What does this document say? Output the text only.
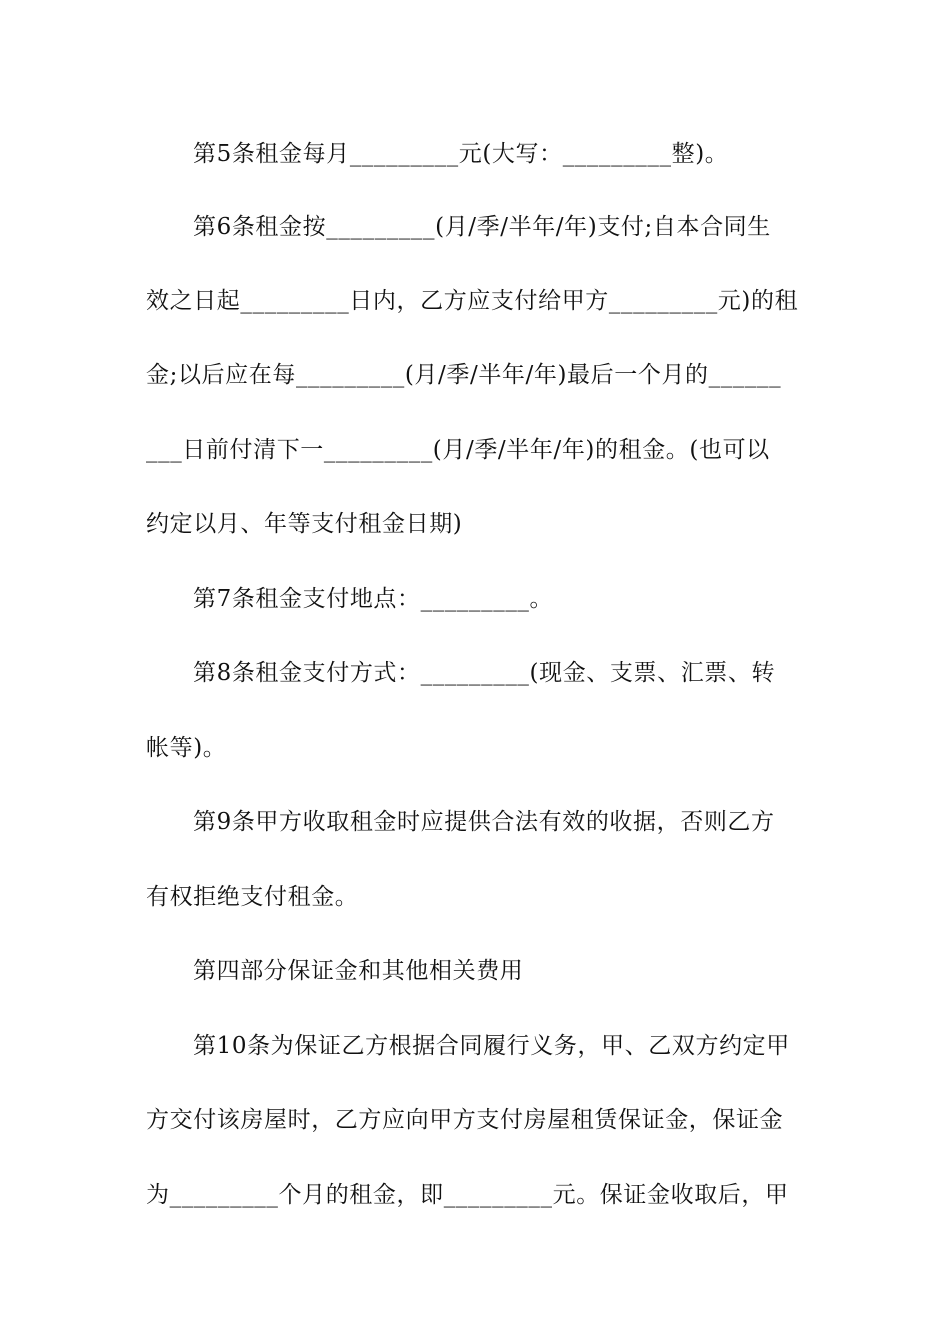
第5条租金每月_________元(大写：_________整)。
第6条租金按_________(月/季/半年/年)支付;自本合同生
效之日起_________日内，乙方应支付给甲方_________元)的租
金;以后应在每_________(月/季/半年/年)最后一个月的______
___日前付清下一_________(月/季/半年/年)的租金。(也可以
约定以月、年等支付租金日期)
第7条租金支付地点：_________。
第8条租金支付方式：_________(现金、支票、汇票、转
帐等)。
第9条甲方收取租金时应提供合法有效的收据，否则乙方
有权拒绝支付租金。
第四部分保证金和其他相关费用
第10条为保证乙方根据合同履行义务，甲、乙双方约定甲
方交付该房屋时，乙方应向甲方支付房屋租赁保证金，保证金
为_________个月的租金，即_________元。保证金收取后，甲
